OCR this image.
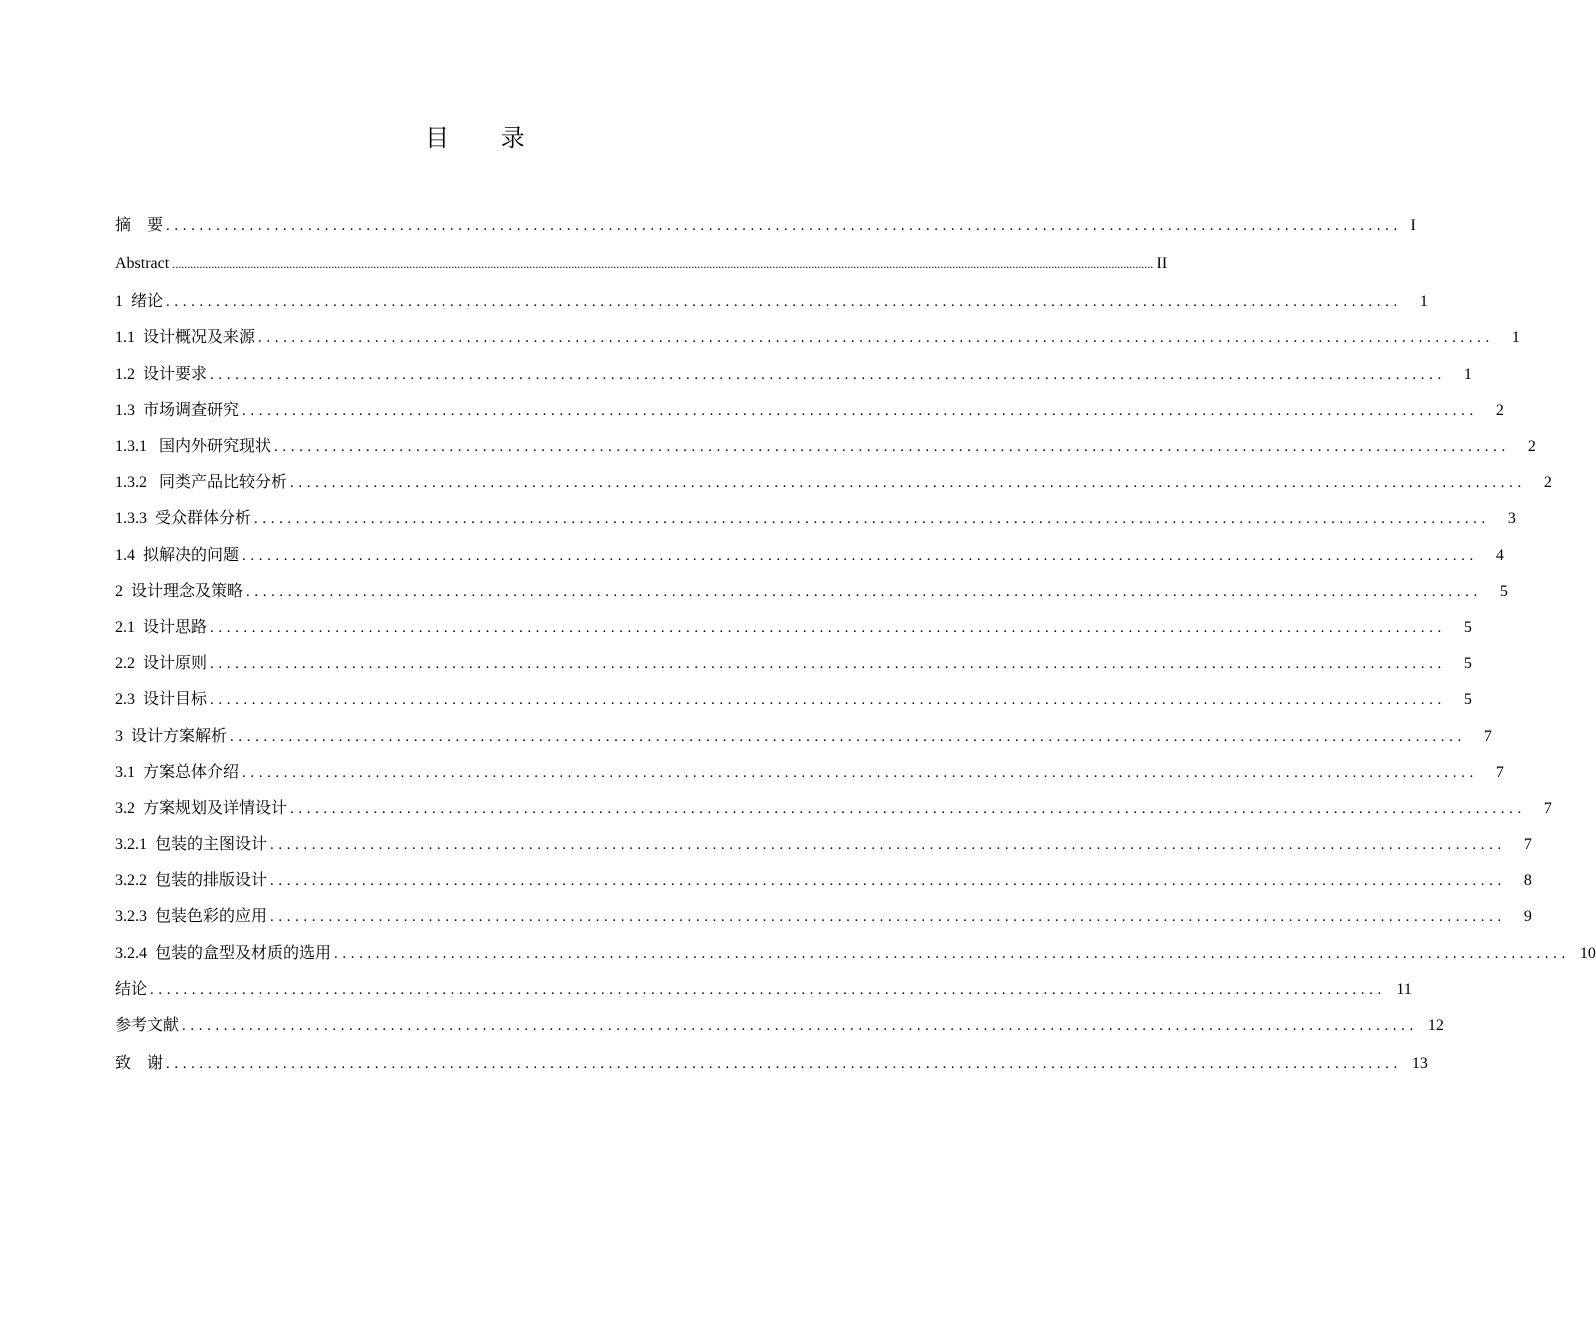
目 录
摘    要 .................................................................................................................................................... I
Abstract ....................................................................................................................................................................................................................................................................................................................................... II
1  绪论 ....................................................................................................................................................	1
1.1  设计概况及来源 ....................................................................................................................................................	1
1.2  设计要求 ....................................................................................................................................................	1
1.3  市场调查研究 ....................................................................................................................................................	2
1.3.1   国内外研究现状 ....................................................................................................................................................	2
1.3.2   同类产品比较分析 ....................................................................................................................................................	2
1.3.3  受众群体分析 ....................................................................................................................................................	3
1.4  拟解决的问题 ....................................................................................................................................................	4
2  设计理念及策略 ....................................................................................................................................................	5
2.1  设计思路 ....................................................................................................................................................	5
2.2  设计原则 ....................................................................................................................................................	5
2.3  设计目标 ....................................................................................................................................................	5
3  设计方案解析 ....................................................................................................................................................	7
3.1  方案总体介绍 ....................................................................................................................................................	7
3.2  方案规划及详情设计 ....................................................................................................................................................	7
3.2.1  包装的主图设计 ....................................................................................................................................................	7
3.2.2  包装的排版设计 ....................................................................................................................................................	8
3.2.3  包装色彩的应用 ....................................................................................................................................................	9
3.2.4  包装的盒型及材质的选用 .................................................................................................................................................... 10
结论 .................................................................................................................................................... 11
参考文献 .................................................................................................................................................... 12
致    谢 .................................................................................................................................................... 13
